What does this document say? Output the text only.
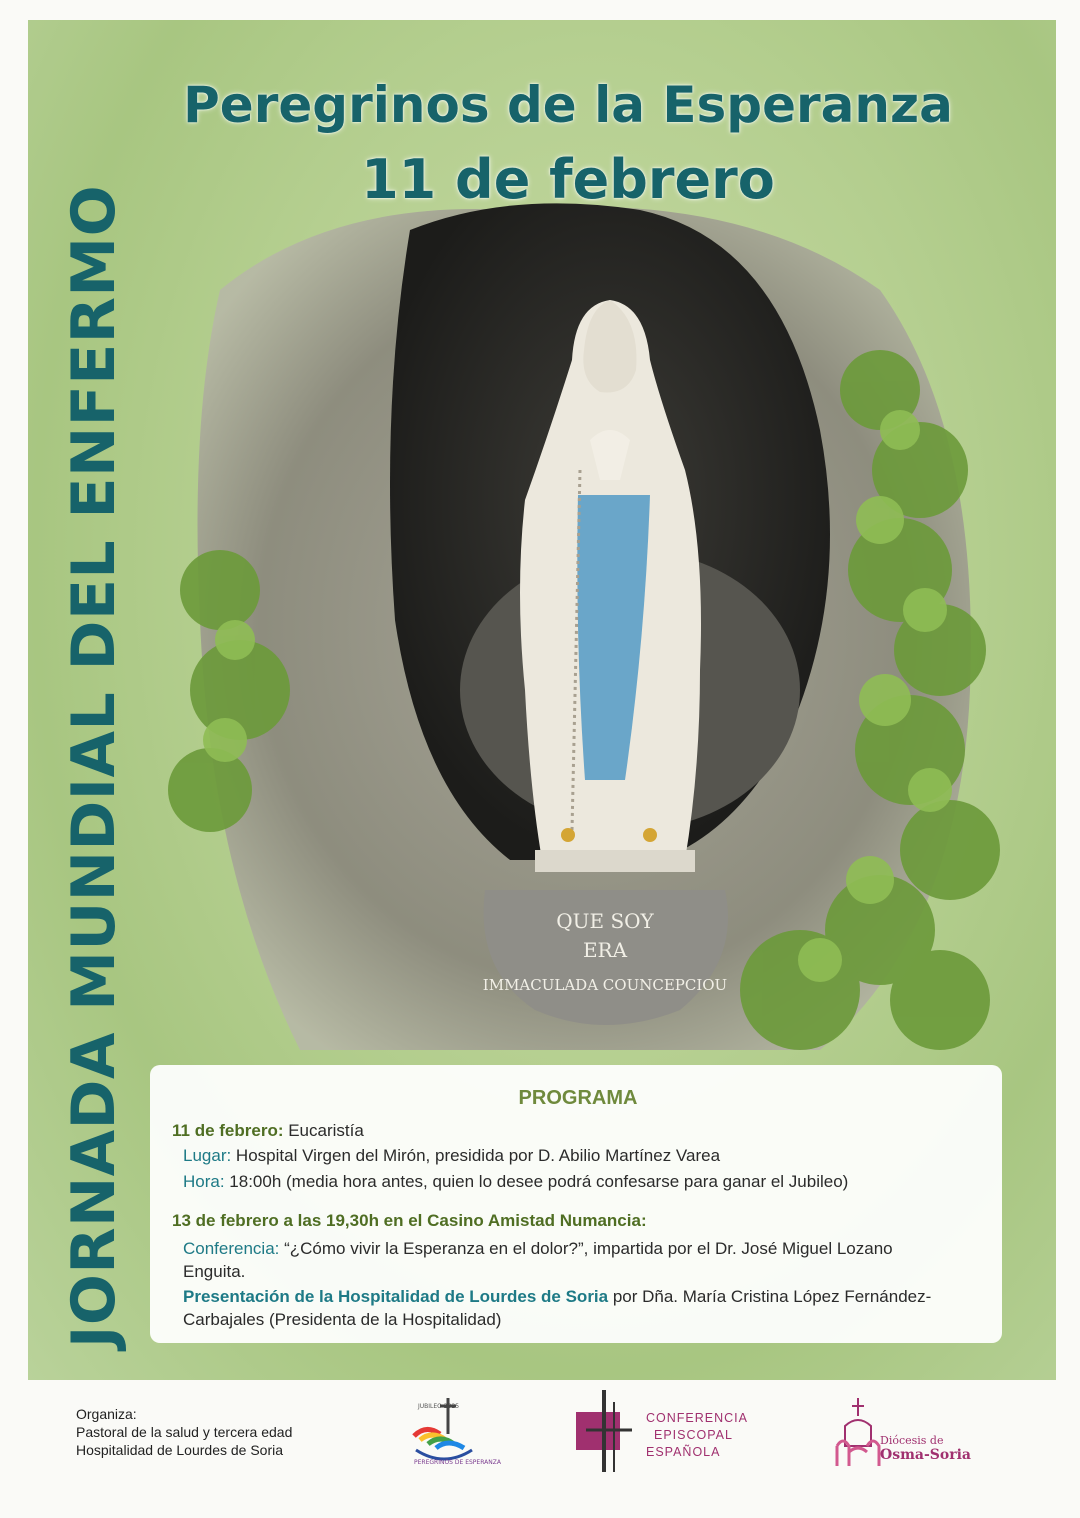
QUE SOY
ERA
IMMACULADA COUNCEPCIOU
Peregrinos de la Esperanza
11 de febrero
JORNADA MUNDIAL DEL ENFERMO	PROGRAMA
11 de febrero: Eucaristía
Lugar: Hospital Virgen del Mirón, presidida por D. Abilio Martínez Varea
Hora: 18:00h (media hora antes, quien lo desee podrá confesarse para ganar el Jubileo)
13 de febrero a las 19,30h en el Casino Amistad Numancia:
Conferencia: “¿Cómo vivir la Esperanza en el dolor?”, impartida por el Dr. José Miguel Lozano
Enguita.
Presentación de la Hospitalidad de Lourdes de Soria por Dña. María Cristina López Fernández-
Carbajales (Presidenta de la Hospitalidad)
Organiza:
Pastoral de la salud y tercera edad
Hospitalidad de Lourdes de Soria
JUBILEO 2025
PEREGRINOS DE ESPERANZA
CONFERENCIA
EPISCOPAL
ESPAÑOLA
Diócesis de
Osma-Soria
